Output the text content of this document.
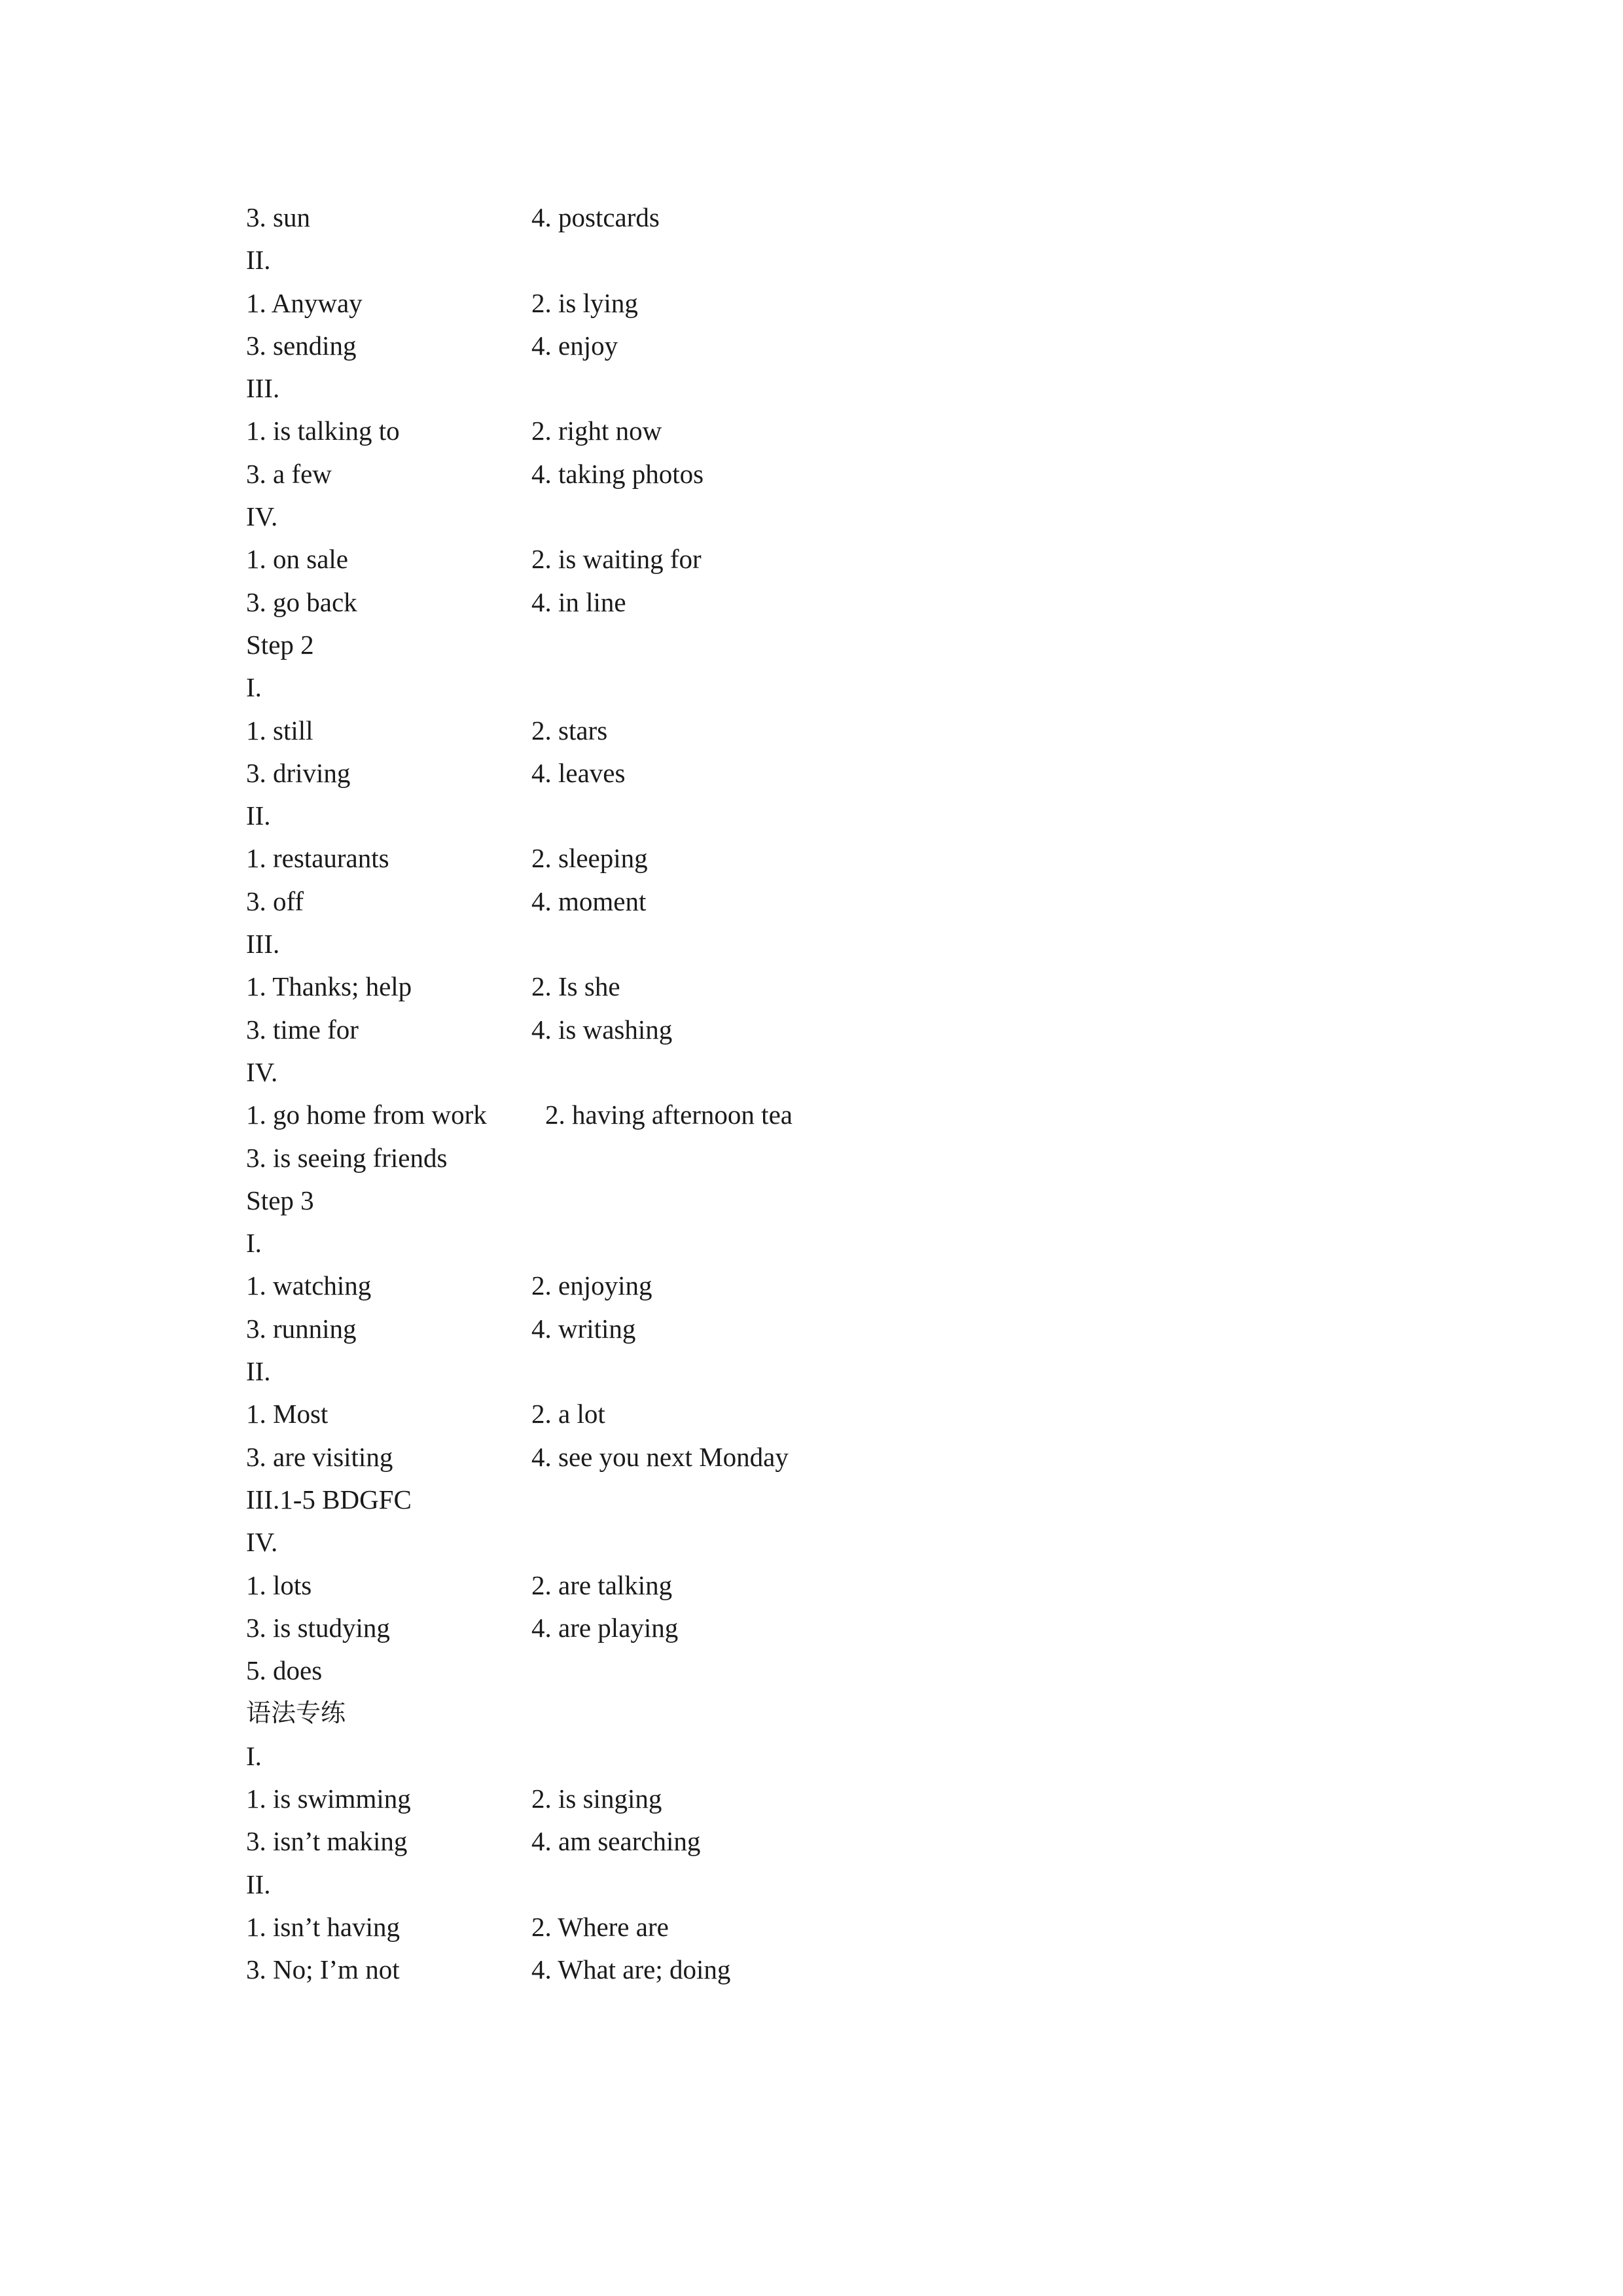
3. sun	4. postcards
II.
1. Anyway	2. is lying
3. sending	4. enjoy
III.
1. is talking to	2. right now
3. a few	4. taking photos
IV.
1. on sale	2. is waiting for
3. go back	4. in line
Step 2
I.
1. still	2. stars
3. driving	4. leaves
II.
1. restaurants	2. sleeping
3. off	4. moment
III.
1. Thanks; help	2. Is she
3. time for	4. is washing
IV.
1. go home from work 2. having afternoon tea
3. is seeing friends
Step 3
I.
1. watching	2. enjoying
3. running	4. writing
II.
1. Most	2. a lot
3. are visiting	4. see you next Monday
III.1-5 BDGFC
IV.
1. lots	2. are talking
3. is studying	4. are playing
5. does
语法专练
I.
1. is swimming	2. is singing
3. isn’t making	4. am searching
II.
1. isn’t having	2. Where are
3. No; I’m not	4. What are; doing
